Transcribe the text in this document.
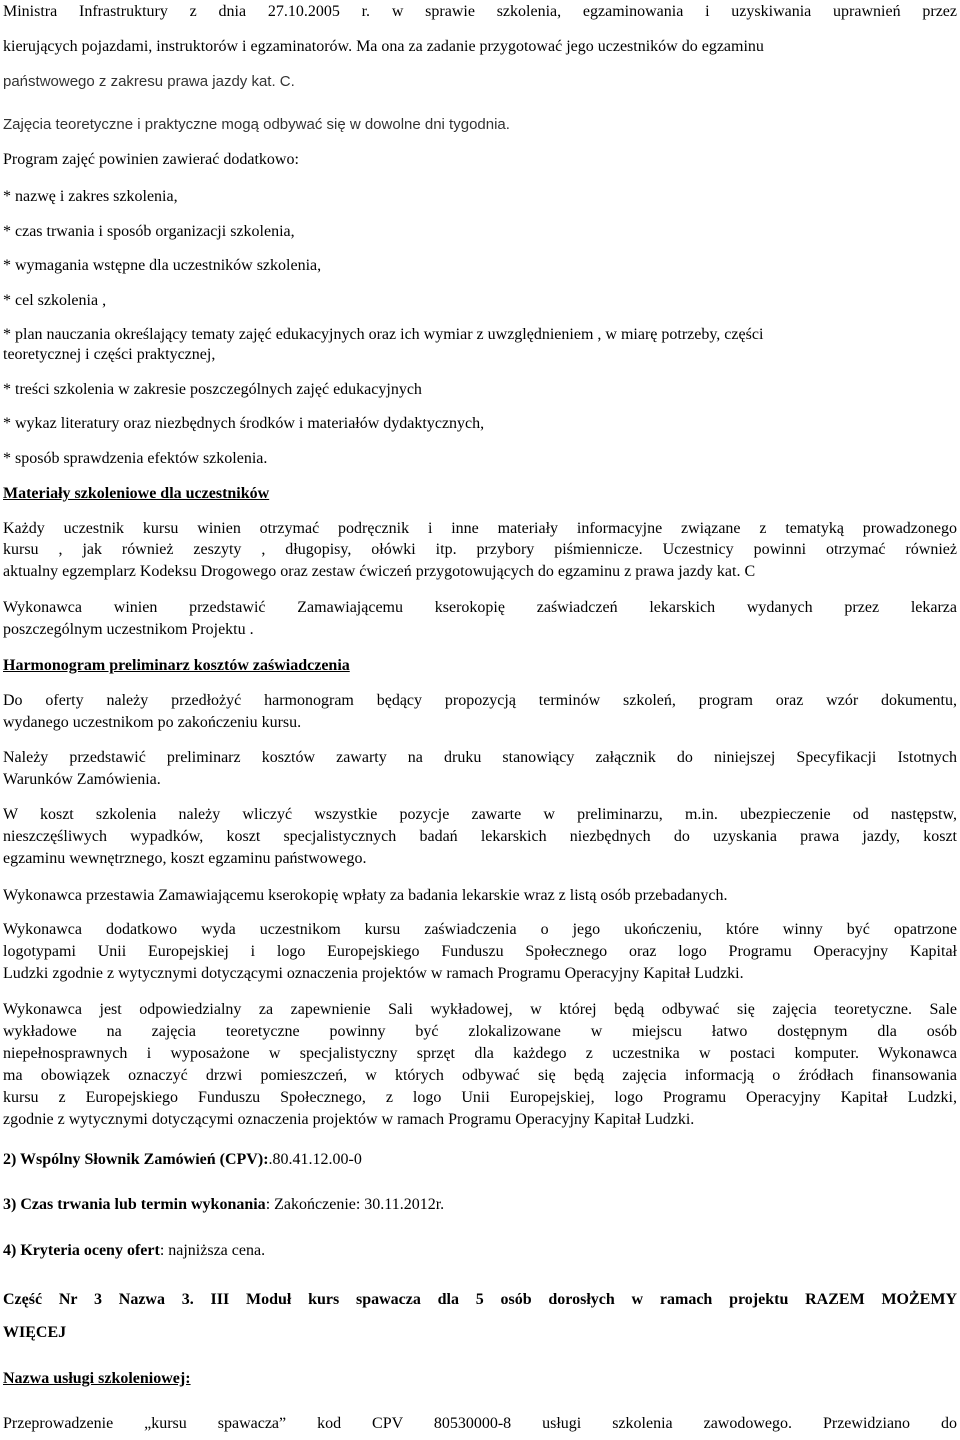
Ministra Infrastruktury z dnia 27.10.2005 r. w sprawie szkolenia, egzaminowania i uzyskiwania uprawnień przez

kierujących pojazdami, instruktorów i egzaminatorów. Ma ona za zadanie przygotować jego uczestników do egzaminu

państwowego z zakresu prawa jazdy kat. C.

Zajęcia teoretyczne i praktyczne mogą odbywać się w dowolne dni tygodnia.

Program zajęć powinien zawierać dodatkowo:

* nazwę i zakres szkolenia,

* czas trwania i sposób organizacji szkolenia,

* wymagania wstępne dla uczestników szkolenia,

* cel szkolenia ,

* plan nauczania określający tematy zajęć edukacyjnych oraz ich wymiar z uwzględnieniem , w miarę potrzeby, części

teoretycznej i części praktycznej,

* treści szkolenia w zakresie poszczególnych zajęć edukacyjnych

* wykaz literatury oraz niezbędnych środków i materiałów dydaktycznych,

* sposób sprawdzenia efektów szkolenia.

Materiały szkoleniowe dla uczestników

Każdy uczestnik kursu winien otrzymać podręcznik i inne materiały informacyjne związane z tematyką prowadzonego

kursu , jak również zeszyty , długopisy, ołówki itp. przybory piśmiennicze. Uczestnicy powinni otrzymać również

aktualny egzemplarz Kodeksu Drogowego oraz zestaw ćwiczeń przygotowujących do egzaminu z prawa jazdy kat. C

Wykonawca winien przedstawić Zamawiającemu kserokopię zaświadczeń lekarskich wydanych przez lekarza

poszczególnym uczestnikom Projektu .

Harmonogram preliminarz kosztów zaświadczenia

Do oferty należy przedłożyć harmonogram będący propozycją terminów szkoleń, program oraz wzór dokumentu,

wydanego uczestnikom po zakończeniu kursu.

Należy przedstawić preliminarz kosztów zawarty na druku stanowiący załącznik do niniejszej Specyfikacji Istotnych

Warunków Zamówienia.

W koszt szkolenia należy wliczyć wszystkie pozycje zawarte w preliminarzu, m.in. ubezpieczenie od następstw,

nieszczęśliwych wypadków, koszt specjalistycznych badań lekarskich niezbędnych do uzyskania prawa jazdy, koszt

egzaminu wewnętrznego, koszt egzaminu państwowego.

Wykonawca przestawia Zamawiającemu kserokopię wpłaty za badania lekarskie wraz z listą osób przebadanych.

Wykonawca dodatkowo wyda uczestnikom kursu zaświadczenia o jego ukończeniu, które winny być opatrzone

logotypami Unii Europejskiej i logo Europejskiego Funduszu Społecznego oraz logo Programu Operacyjny Kapitał

Ludzki zgodnie z wytycznymi dotyczącymi oznaczenia projektów w ramach Programu Operacyjny Kapitał Ludzki.

Wykonawca jest odpowiedzialny za zapewnienie Sali wykładowej, w której będą odbywać się zajęcia teoretyczne. Sale

wykładowe na zajęcia teoretyczne powinny być zlokalizowane w miejscu łatwo dostępnym dla osób

niepełnosprawnych i wyposażone w specjalistyczny sprzęt dla każdego z uczestnika w postaci komputer. Wykonawca

ma obowiązek oznaczyć drzwi pomieszczeń, w których odbywać się będą zajęcia informacją o źródłach finansowania

kursu z Europejskiego Funduszu Społecznego, z logo Unii Europejskiej, logo Programu Operacyjny Kapitał Ludzki,

zgodnie z wytycznymi dotyczącymi oznaczenia projektów w ramach Programu Operacyjny Kapitał Ludzki.

2) Wspólny Słownik Zamówień (CPV):.80.41.12.00-0

3) Czas trwania lub termin wykonania: Zakończenie: 30.11.2012r.

4) Kryteria oceny ofert: najniższa cena.

Część Nr 3 Nazwa 3. III Moduł kurs spawacza dla 5 osób dorosłych w ramach projektu RAZEM MOŻEMY

WIĘCEJ

Nazwa usługi szkoleniowej:

Przeprowadzenie „kursu spawacza” kod CPV 80530000-8 usługi szkolenia zawodowego. Przewidziano do
